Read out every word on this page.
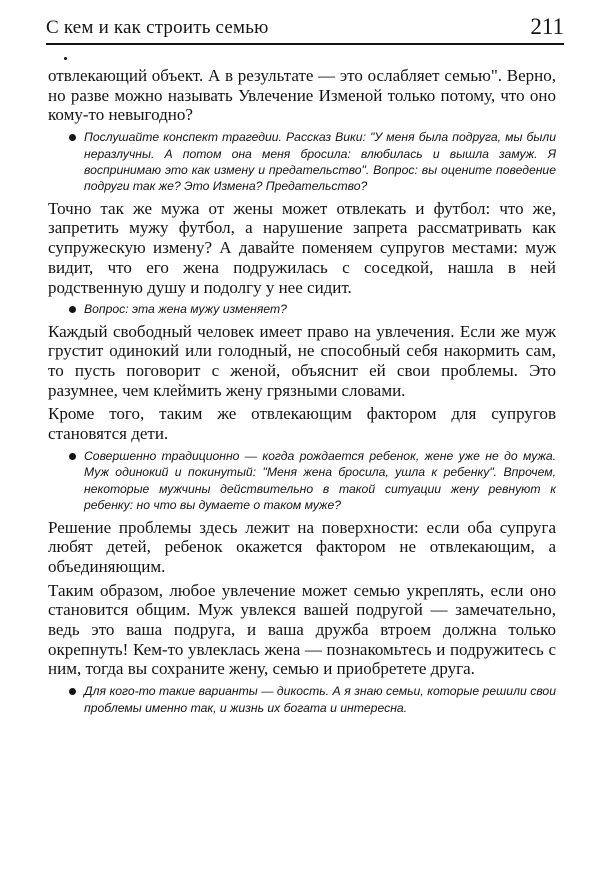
С кем и как строить семью	211

отвлекающий объект. А в результате — это ослабляет семью". Верно, но разве можно называть Увлечение Изменой только потому, что оно кому-то невыгодно?

Послушайте конспект трагедии. Рассказ Вики: "У меня была подруга, мы были неразлучны. А потом она меня бросила: влюбилась и вышла замуж. Я воспринимаю это как измену и предательство". Вопрос: вы оцените поведение подруги так же? Это Измена? Предательство?

Точно так же мужа от жены может отвлекать и футбол: что же, запретить мужу футбол, а нарушение запрета рассматривать как супружескую измену? А давайте поменяем супругов местами: муж видит, что его жена подружилась с соседкой, нашла в ней родственную душу и подолгу у нее сидит.

Вопрос: эта жена мужу изменяет?

Каждый свободный человек имеет право на увлечения. Если же муж грустит одинокий или голодный, не способный себя накормить сам, то пусть поговорит с женой, объяснит ей свои проблемы. Это разумнее, чем клеймить жену грязными словами.

Кроме того, таким же отвлекающим фактором для супругов становятся дети.

Совершенно традиционно — когда рождается ребенок, жене уже не до мужа. Муж одинокий и покинутый: "Меня жена бросила, ушла к ребенку". Впрочем, некоторые мужчины действительно в такой ситуации жену ревнуют к ребенку: но что вы думаете о таком муже?

Решение проблемы здесь лежит на поверхности: если оба супруга любят детей, ребенок окажется фактором не отвлекающим, а объединяющим.

Таким образом, любое увлечение может семью укреплять, если оно становится общим. Муж увлекся вашей подругой — замечательно, ведь это ваша подруга, и ваша дружба втроем должна только окрепнуть! Кем-то увлеклась жена — познакомьтесь и подружитесь с ним, тогда вы сохраните жену, семью и приобретете друга.

Для кого-то такие варианты — дикость. А я знаю семьи, которые решили свои проблемы именно так, и жизнь их богата и интересна.
